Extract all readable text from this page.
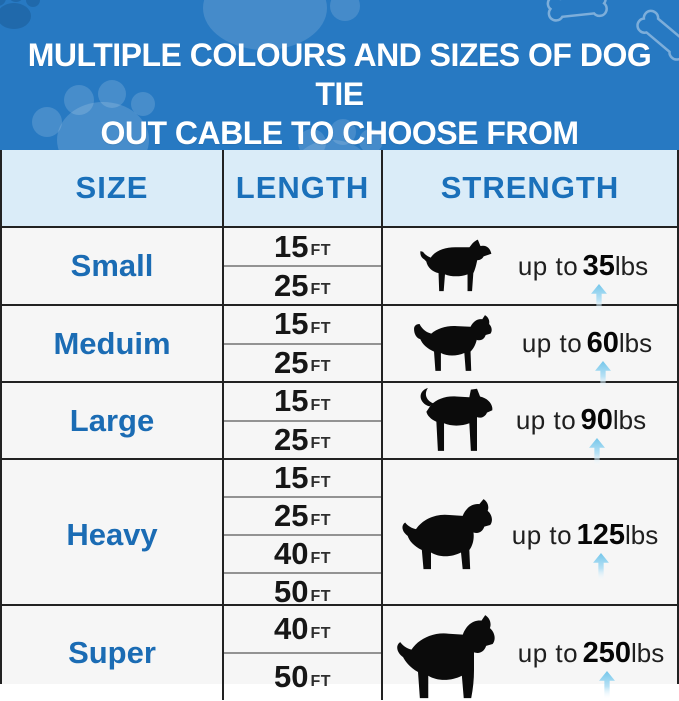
MULTIPLE COLOURS AND SIZES OF DOG TIE
OUT CABLE TO CHOOSE FROM
SIZE	LENGTH	STRENGTH
Small
15 FT
25 FT
up to 35
lbs
Meduim
15 FT
25 FT
up to 60
lbs
Large
15 FT
25 FT
up to 90
lbs
Heavy
15 FT
25 FT
40 FT
50 FT
up to 125
lbs
Super
40 FT
50 FT
up to 250
lbs
